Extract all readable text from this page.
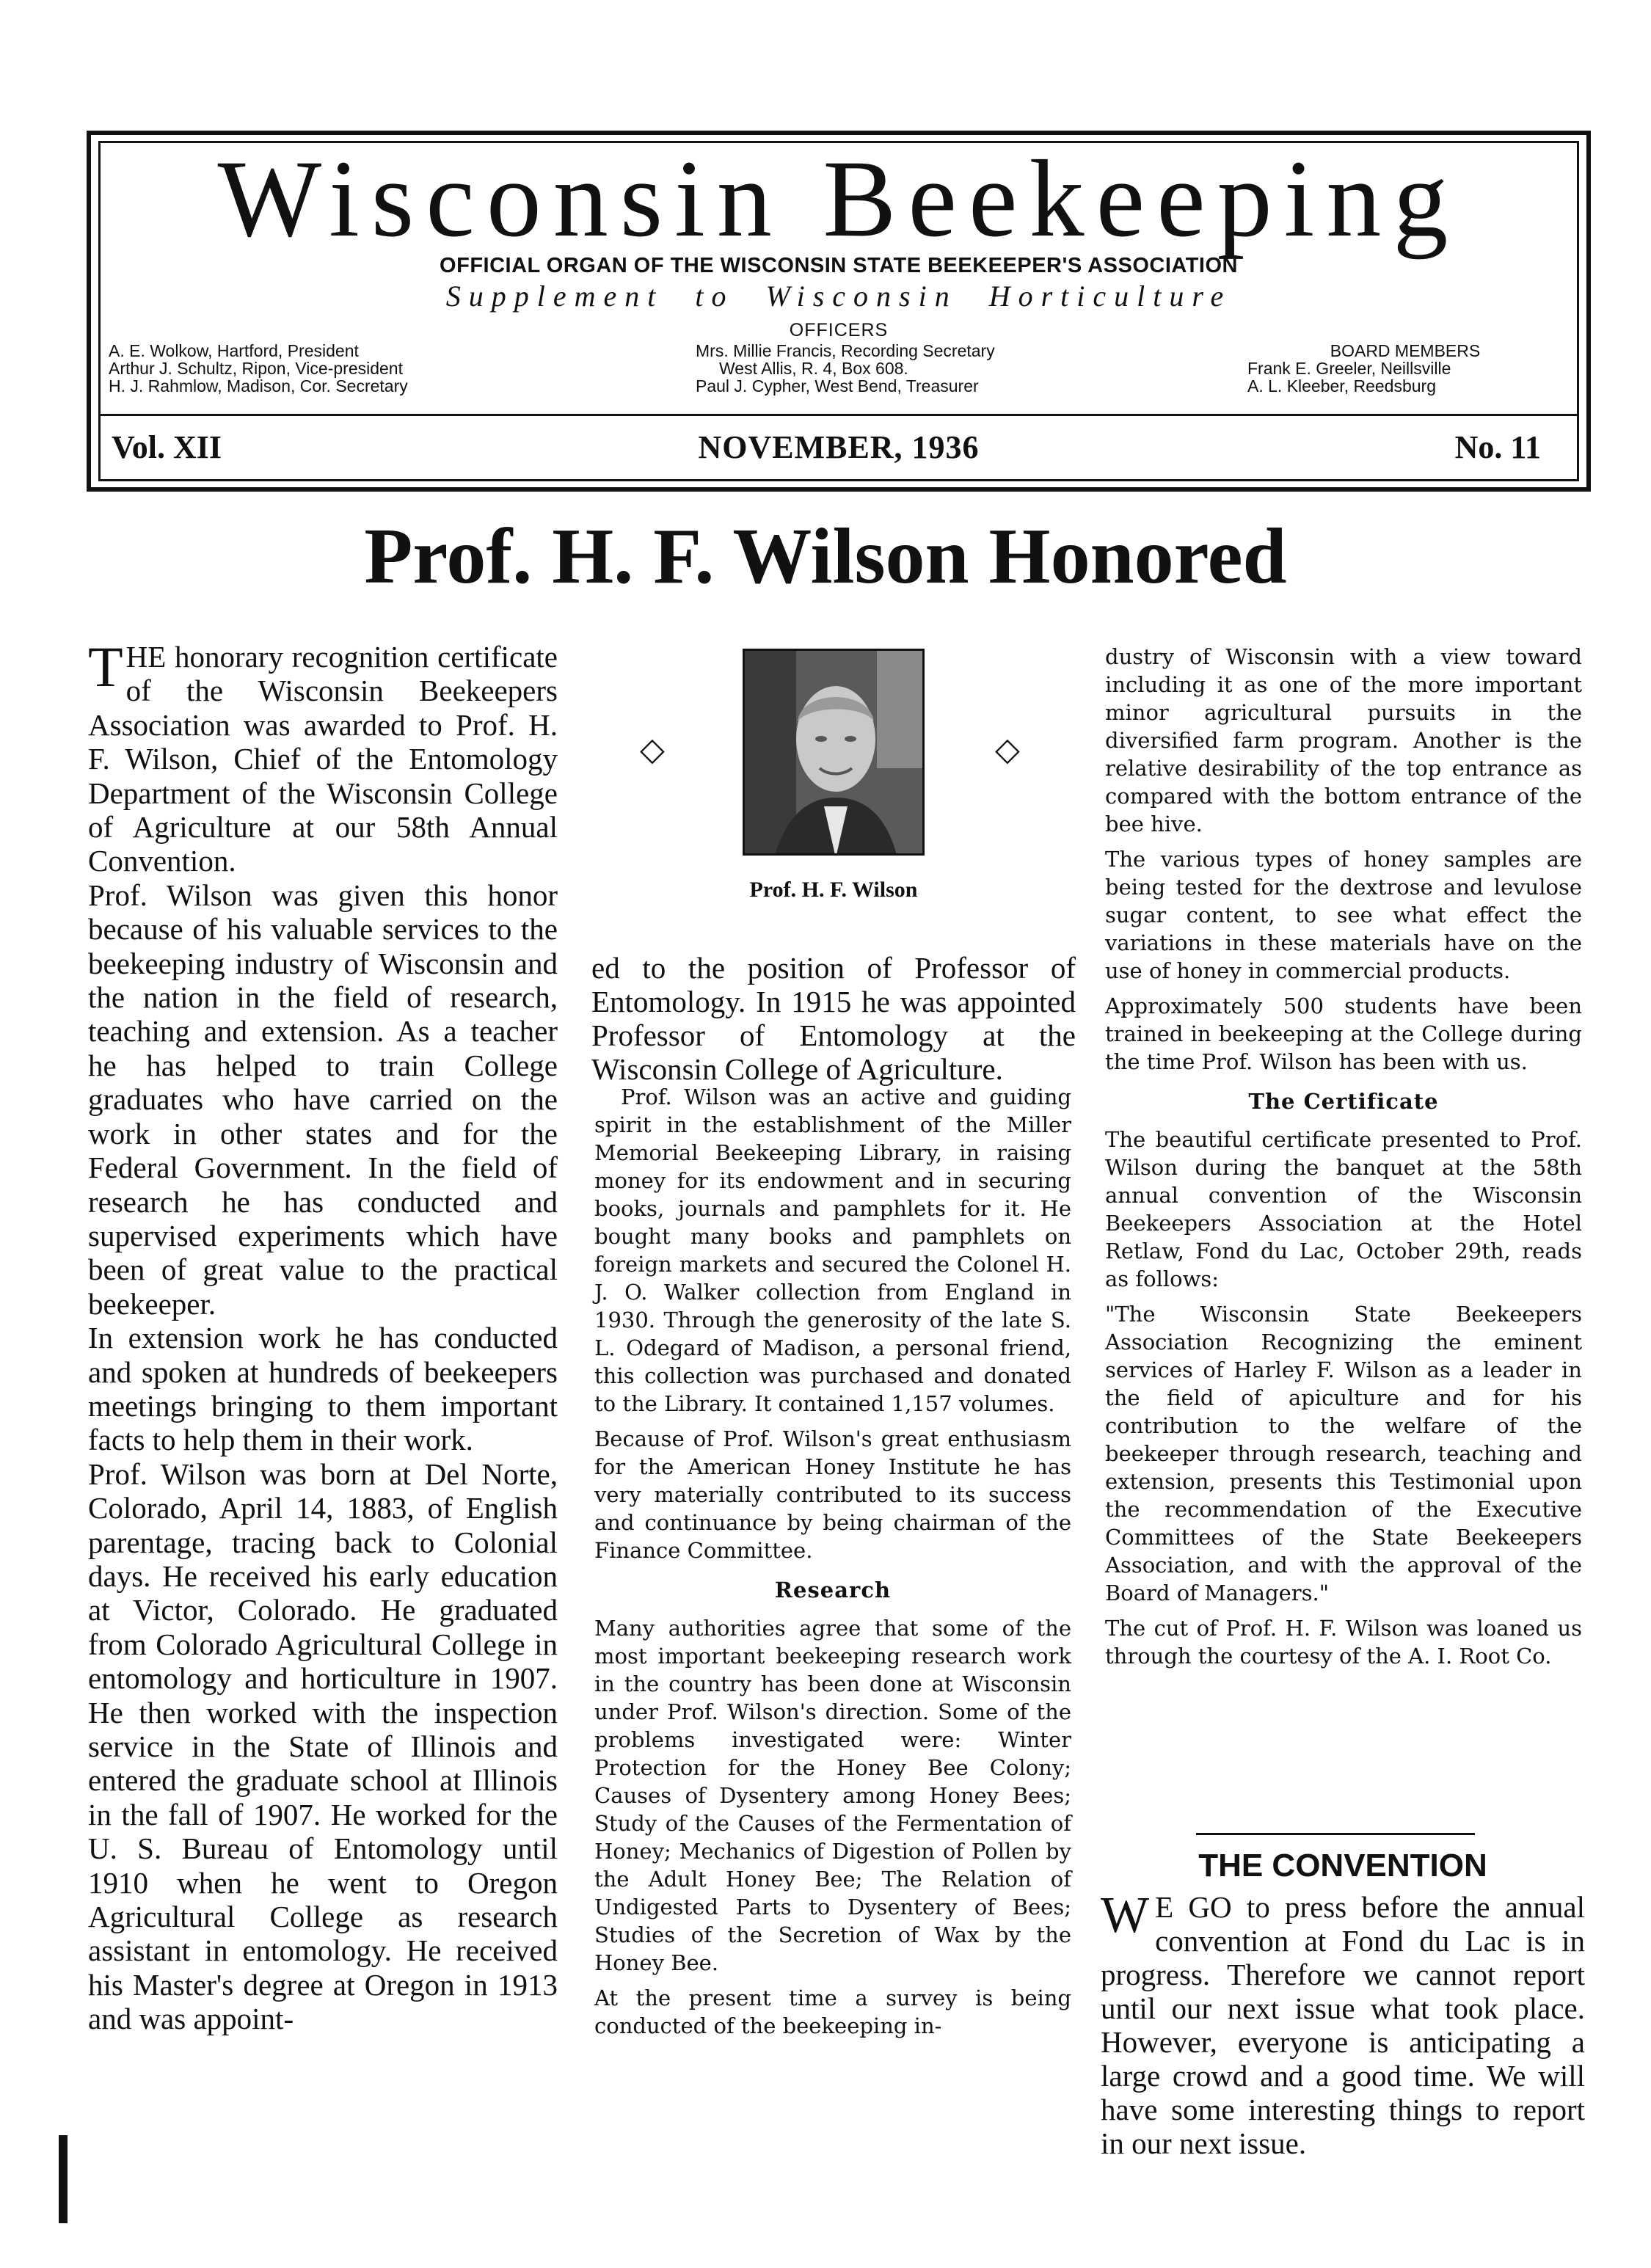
Wisconsin Beekeeping
OFFICIAL ORGAN OF THE WISCONSIN STATE BEEKEEPER'S ASSOCIATION
Supplement to Wisconsin Horticulture
OFFICERS
A. E. Wolkow, Hartford, President
Arthur J. Schultz, Ripon, Vice-president
H. J. Rahmlow, Madison, Cor. Secretary
Mrs. Millie Francis, Recording Secretary
West Allis, R. 4, Box 608.
Paul J. Cypher, West Bend, Treasurer
BOARD MEMBERS
Frank E. Greeler, Neillsville
A. L. Kleeber, Reedsburg
Vol. XII	NOVEMBER, 1936	No. 11
Prof. H. F. Wilson Honored

THE honorary recognition certificate of the Wisconsin Beekeepers Association was awarded to Prof. H. F. Wilson, Chief of the Entomology Department of the Wisconsin College of Agriculture at our 58th Annual Convention.

Prof. Wilson was given this honor because of his valuable services to the beekeeping industry of Wisconsin and the nation in the field of research, teaching and extension. As a teacher he has helped to train College graduates who have carried on the work in other states and for the Federal Government. In the field of research he has conducted and supervised experiments which have been of great value to the practical beekeeper.

In extension work he has conducted and spoken at hundreds of beekeepers meetings bringing to them important facts to help them in their work.

Prof. Wilson was born at Del Norte, Colorado, April 14, 1883, of English parentage, tracing back to Colonial days. He received his early education at Victor, Colorado. He graduated from Colorado Agricultural College in entomology and horticulture in 1907. He then worked with the inspection service in the State of Illinois and entered the graduate school at Illinois in the fall of 1907. He worked for the U. S. Bureau of Entomology until 1910 when he went to Oregon Agricultural College as research assistant in entomology. He received his Master's degree at Oregon in 1913 and was appoint-

◇	◇
Prof. H. F. Wilson
ed to the position of Professor of Entomology. In 1915 he was appointed Professor of Entomology at the Wisconsin College of Agriculture.

Prof. Wilson was an active and guiding spirit in the establishment of the Miller Memorial Beekeeping Library, in raising money for its endowment and in securing books, journals and pamphlets for it. He bought many books and pamphlets on foreign markets and secured the Colonel H. J. O. Walker collection from England in 1930. Through the generosity of the late S. L. Odegard of Madison, a personal friend, this collection was purchased and donated to the Library. It contained 1,157 volumes.

Because of Prof. Wilson's great enthusiasm for the American Honey Institute he has very materially contributed to its success and continuance by being chairman of the Finance Committee.

Research

Many authorities agree that some of the most important beekeeping research work in the country has been done at Wisconsin under Prof. Wilson's direction. Some of the problems investigated were: Winter Protection for the Honey Bee Colony; Causes of Dysentery among Honey Bees; Study of the Causes of the Fermentation of Honey; Mechanics of Digestion of Pollen by the Adult Honey Bee; The Relation of Undigested Parts to Dysentery of Bees; Studies of the Secretion of Wax by the Honey Bee.

At the present time a survey is being conducted of the beekeeping in-

dustry of Wisconsin with a view toward including it as one of the more important minor agricultural pursuits in the diversified farm program. Another is the relative desirability of the top entrance as compared with the bottom entrance of the bee hive.

The various types of honey samples are being tested for the dextrose and levulose sugar content, to see what effect the variations in these materials have on the use of honey in commercial products.

Approximately 500 students have been trained in beekeeping at the College during the time Prof. Wilson has been with us.

The Certificate

The beautiful certificate presented to Prof. Wilson during the banquet at the 58th annual convention of the Wisconsin Beekeepers Association at the Hotel Retlaw, Fond du Lac, October 29th, reads as follows:

"The Wisconsin State Beekeepers Association Recognizing the eminent services of Harley F. Wilson as a leader in the field of apiculture and for his contribution to the welfare of the beekeeper through research, teaching and extension, presents this Testimonial upon the recommendation of the Executive Committees of the State Beekeepers Association, and with the approval of the Board of Managers."

The cut of Prof. H. F. Wilson was loaned us through the courtesy of the A. I. Root Co.

THE CONVENTION
W E GO to press before the annual convention at Fond du Lac is in progress. Therefore we cannot report until our next issue what took place. However, everyone is anticipating a large crowd and a good time. We will have some interesting things to report in our next issue.
